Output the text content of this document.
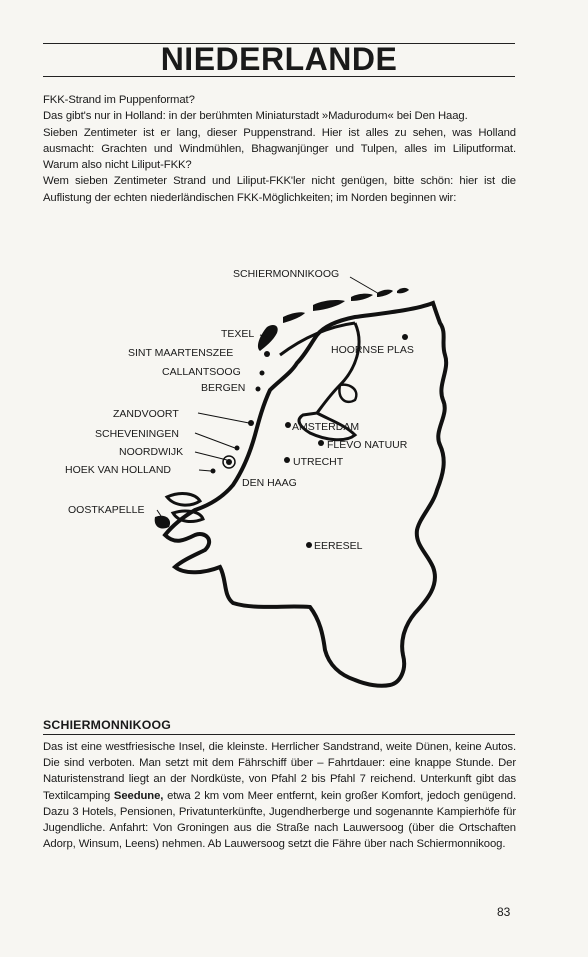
NIEDERLANDE

FKK-Strand im Puppenformat?

Das gibt's nur in Holland: in der berühmten Miniaturstadt »Madurodum« bei Den Haag.

Sieben Zentimeter ist er lang, dieser Puppenstrand. Hier ist alles zu sehen, was Holland ausmacht: Grachten und Windmühlen, Bhagwanjünger und Tulpen, alles im Liliputformat. Warum also nicht Liliput-FKK?

Wem sieben Zentimeter Strand und Liliput-FKK'ler nicht genügen, bitte schön: hier ist die Auflistung der echten niederländischen FKK-Möglichkeiten; im Norden beginnen wir:

SCHIERMONNIKOOG
TEXEL
SINT MAARTENSZEE
CALLANTSOOG
BERGEN
HOORNSE PLAS
ZANDVOORT
SCHEVENINGEN
NOORDWIJK
HOEK VAN HOLLAND
AMSTERDAM
FLEVO NATUUR
UTRECHT
DEN HAAG
OOSTKAPELLE
EERESEL
SCHIERMONNIKOOG
Das ist eine westfriesische Insel, die kleinste. Herrlicher Sandstrand, weite Dünen, keine Autos. Die sind verboten. Man setzt mit dem Fährschiff über – Fahrtdauer: eine knappe Stunde. Der Naturistenstrand liegt an der Nordküste, von Pfahl 2 bis Pfahl 7 reichend. Unterkunft gibt das Textilcamping Seedune, etwa 2 km vom Meer entfernt, kein großer Komfort, jedoch genügend. Dazu 3 Hotels, Pensionen, Privatunterkünfte, Jugendherberge und sogenannte Kampierhöfe für Jugendliche. Anfahrt: Von Groningen aus die Straße nach Lauwersoog (über die Ortschaften Adorp, Winsum, Leens) nehmen. Ab Lauwersoog setzt die Fähre über nach Schiermonnikoog.
83
